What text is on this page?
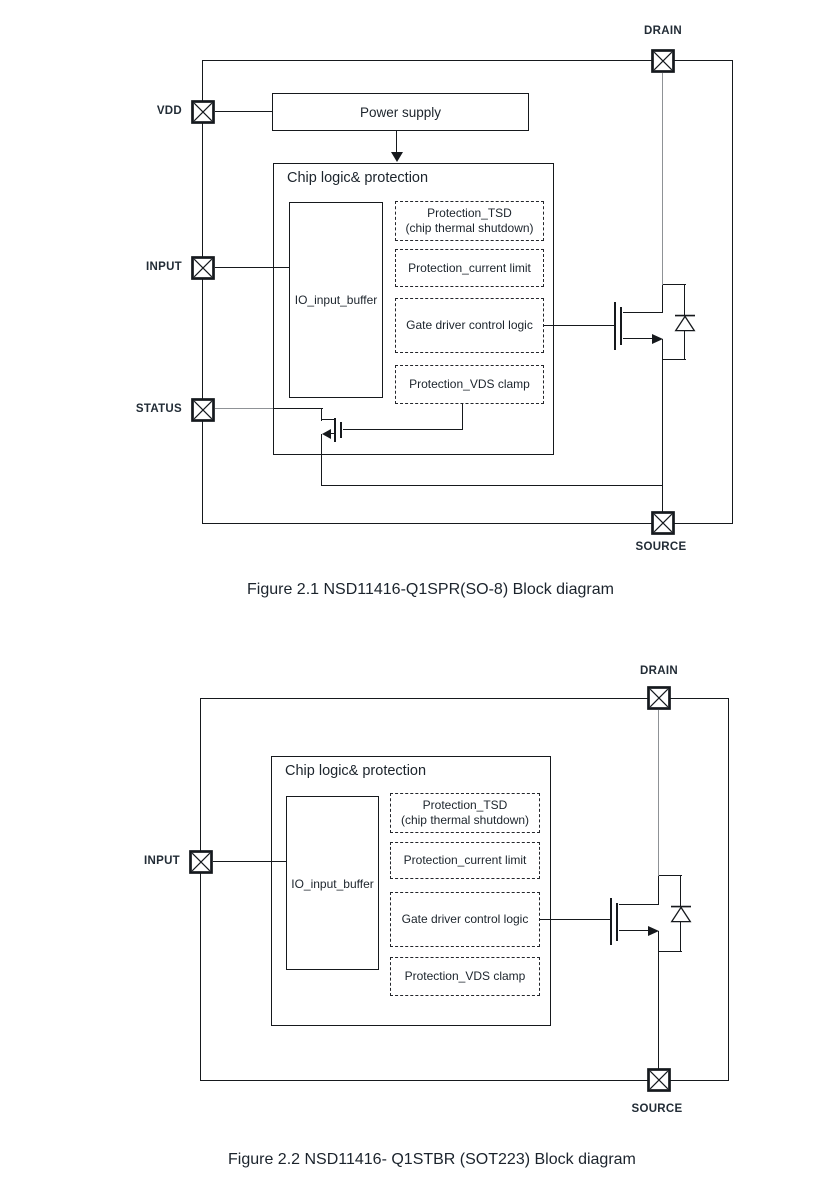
Power supply
Chip logic& protection
IO_input_buffer
Protection_TSD
(chip thermal shutdown)
Protection_current limit
Gate driver control logic
Protection_VDS clamp
VDD
INPUT
STATUS
DRAIN
SOURCE
Figure 2.1 NSD11416-Q1SPR(SO-8) Block diagram
Chip logic& protection
IO_input_buffer
Protection_TSD
(chip thermal shutdown)
Protection_current limit
Gate driver control logic
Protection_VDS clamp
INPUT
DRAIN
SOURCE
Figure 2.2 NSD11416- Q1STBR (SOT223) Block diagram
